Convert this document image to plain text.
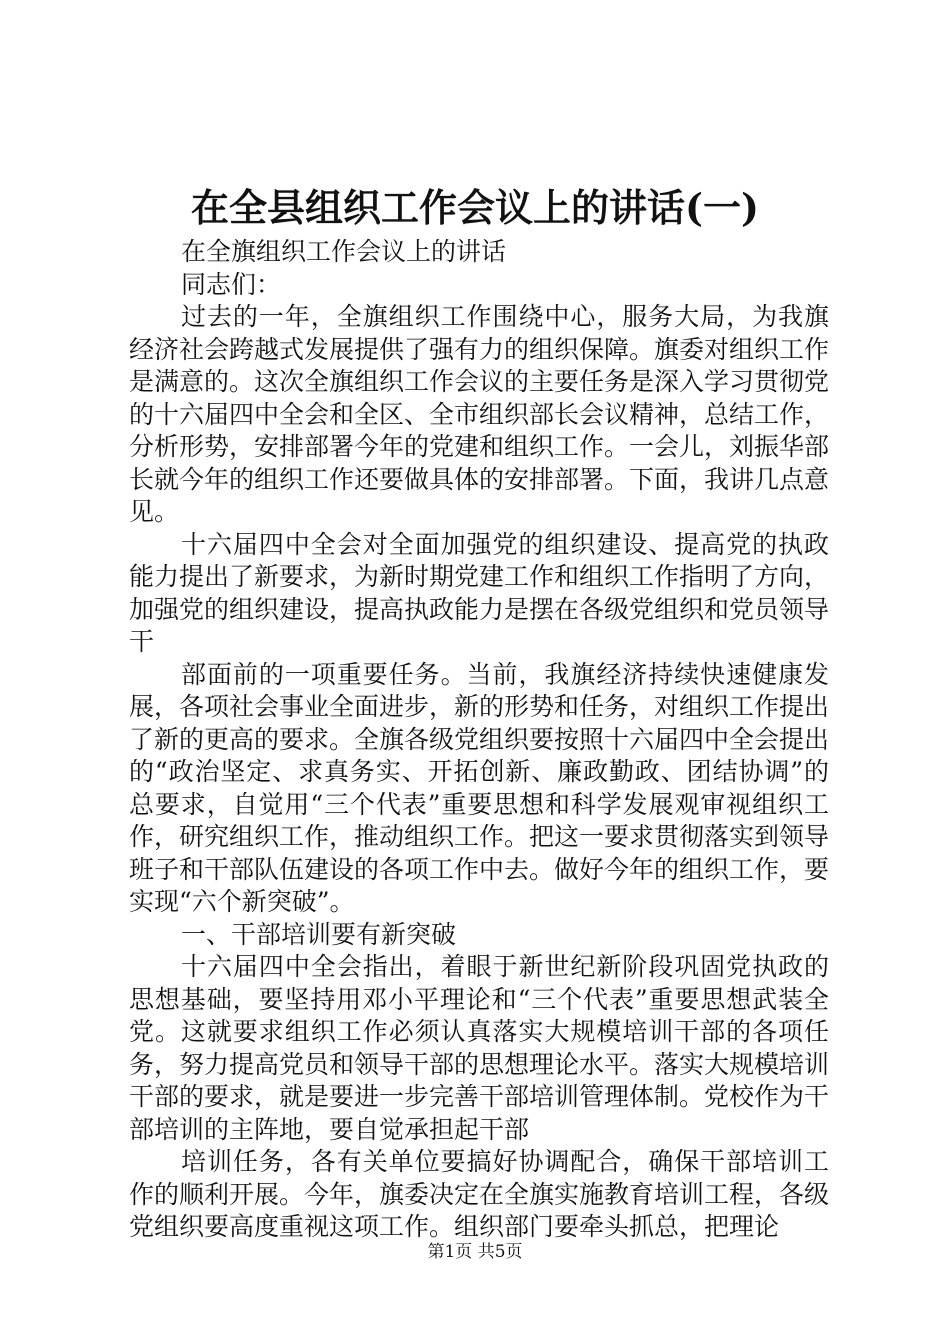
在全县组织工作会议上的讲话(一)

在全旗组织工作会议上的讲话

同志们：

过去的一年，全旗组织工作围绕中心，服务大局，为我旗经济社会跨越式发展提供了强有力的组织保障。旗委对组织工作是满意的。这次全旗组织工作会议的主要任务是深入学习贯彻党的十六届四中全会和全区、全市组织部长会议精神，总结工作，分析形势，安排部署今年的党建和组织工作。一会儿，刘振华部长就今年的组织工作还要做具体的安排部署。下面，我讲几点意见。

十六届四中全会对全面加强党的组织建设、提高党的执政能力提出了新要求，为新时期党建工作和组织工作指明了方向，加强党的组织建设，提高执政能力是摆在各级党组织和党员领导干

部面前的一项重要任务。当前，我旗经济持续快速健康发展，各项社会事业全面进步，新的形势和任务，对组织工作提出了新的更高的要求。全旗各级党组织要按照十六届四中全会提出的“政治坚定、求真务实、开拓创新、廉政勤政、团结协调”的总要求，自觉用“三个代表”重要思想和科学发展观审视组织工作，研究组织工作，推动组织工作。把这一要求贯彻落实到领导班子和干部队伍建设的各项工作中去。做好今年的组织工作，要实现“六个新突破”。

一、干部培训要有新突破

十六届四中全会指出，着眼于新世纪新阶段巩固党执政的思想基础，要坚持用邓小平理论和“三个代表”重要思想武装全党。这就要求组织工作必须认真落实大规模培训干部的各项任务，努力提高党员和领导干部的思想理论水平。落实大规模培训干部的要求，就是要进一步完善干部培训管理体制。党校作为干部培训的主阵地，要自觉承担起干部

培训任务，各有关单位要搞好协调配合，确保干部培训工作的顺利开展。今年，旗委决定在全旗实施教育培训工程，各级党组织要高度重视这项工作。组织部门要牵头抓总，把理论

第1页 共5页
